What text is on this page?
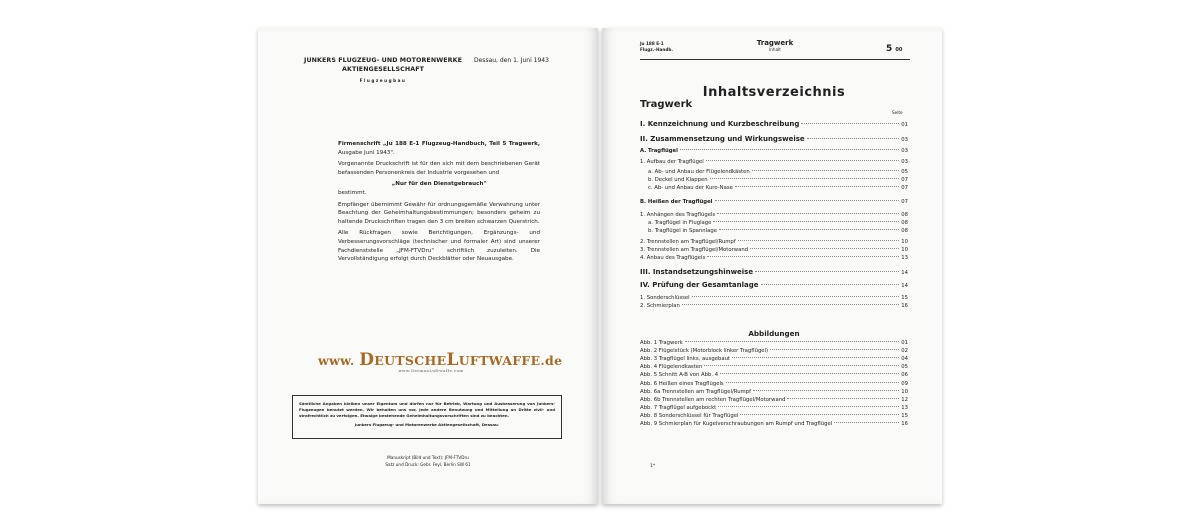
JUNKERS FLUGZEUG- UND MOTORENWERKE
AKTIENGESELLSCHAFT
Flugzeugbau
Dessau, den 1. Juni 1943

Firmenschrift „Ju 188 E-1 Flugzeug-Handbuch, Teil 5 Tragwerk, Ausgabe Juni 1943".

Vorgenannte Druckschrift ist für den sich mit dem beschriebenen Gerät befassenden Personenkreis der Industrie vorgesehen und

„Nur für den Dienstgebrauch"

bestimmt.

Empfänger übernimmt Gewähr für ordnungsgemäße Verwahrung unter Beachtung der Geheimhaltungsbestimmungen; besonders geheim zu haltende Druckschriften tragen den 3 cm breiten schwarzen Querstrich.

Alle Rückfragen sowie Berichtigungen, Ergänzungs- und Verbesserungsvorschläge (technischer und formaler Art) sind unserer Fachdienststelle „JFM-FTVDru" schriftlich zuzuleiten. Die Vervollständigung erfolgt durch Deckblätter oder Neuausgabe.

www. DEUTSCHELUFTWAFFE.de
www.GermanLuftwaffe.com
Sämtliche Angaben bleiben unser Eigentum und dürfen nur für Betrieb, Wartung und Ausbesserung von Junkers-Flugzeugen benutzt werden. Wir behalten uns vor, jede andere Benutzung und Mitteilung an Dritte zivil- und strafrechtlich zu verfolgen. Etwaige bestehende Geheimhaltungsvorschriften sind zu beachten.
Junkers Flugzeug- und Motorenwerke Aktiengesellschaft, Dessau.
Manuskript (Bild und Text): JFM-FTVDru
Satz und Druck: Gebr. Feyl, Berlin SW 61
Ju 188 E-1
Flugz.-Handb.
Tragwerk
Inhalt	5 00
Inhaltsverzeichnis
Tragwerk
Seite
I. Kennzeichnung und Kurzbeschreibung	01
II. Zusammensetzung und Wirkungsweise	03
A. Tragflügel	03
1. Aufbau der Tragflügel	03
a. Ab- und Anbau der Flügelendkästen	05
b. Deckel und Klappen	07
c. Ab- und Anbau der Kuro-Nase	07
B. Heißen der Tragflügel	07
1. Anhängen des Tragflügels	08
a. Tragflügel in Fluglage	08
b. Tragflügel in Spannlage	08
2. Trennstellen am Tragflügel/Rumpf	10
3. Trennstellen am Tragflügel/Motorwand	10
4. Anbau des Tragflügels	13
III. Instandsetzungshinweise	14
IV. Prüfung der Gesamtanlage	14
1. Sonderschlüssel	15
2. Schmierplan	16
Abbildungen
Abb. 1 Tragwerk	01
Abb. 2 Flügelstück (Motorblock linker Tragflügel)	02
Abb. 3 Tragflügel links, ausgebaut	04
Abb. 4 Flügelendkasten	05
Abb. 5 Schnitt A-B von Abb. 4	06
Abb. 6 Heißen eines Tragflügels	09
Abb. 6a Trennstellen am Tragflügel/Rumpf	10
Abb. 6b Trennstellen am rechten Tragflügel/Motorwand	12
Abb. 7 Tragflügel aufgebockt	13
Abb. 8 Sonderschlüssel für Tragflügel	15
Abb. 9 Schmierplan für Kugelverschraubungen am Rumpf und Tragflügel	16
1*
